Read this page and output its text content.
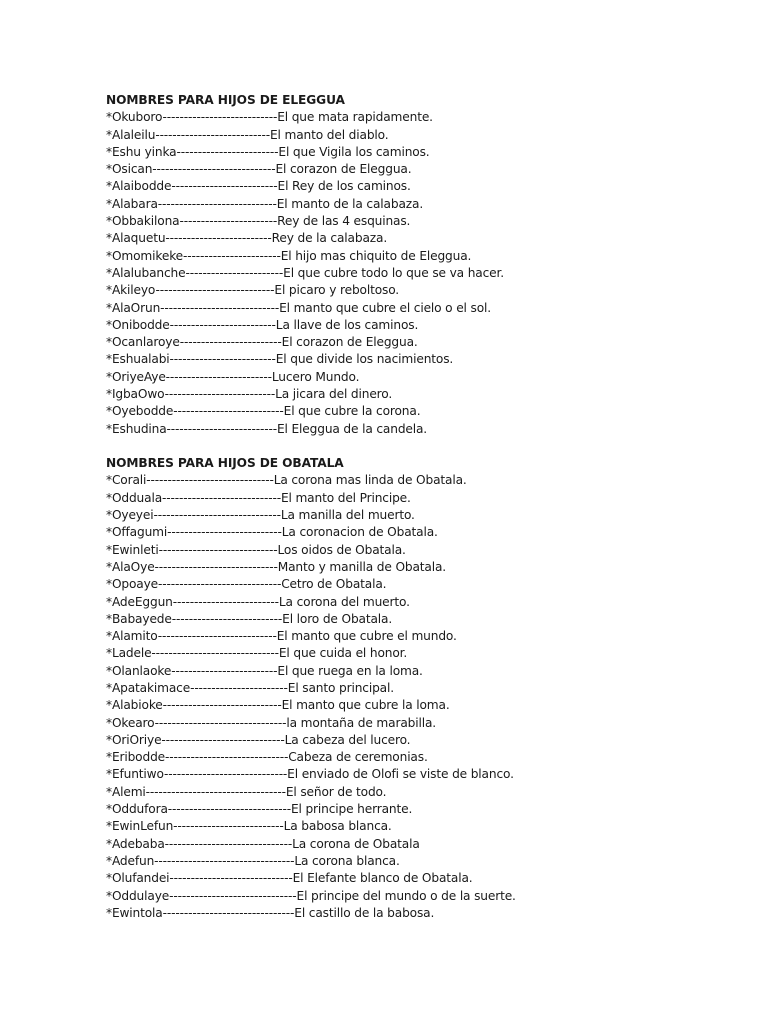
NOMBRES PARA HIJOS DE ELEGGUA
*Okuboro---------------------------El que mata rapidamente.
*Alaleilu---------------------------El manto del diablo.
*Eshu yinka------------------------El que Vigila los caminos.
*Osican-----------------------------El corazon de Eleggua.
*Alaibodde-------------------------El Rey de los caminos.
*Alabara----------------------------El manto de la calabaza.
*Obbakilona-----------------------Rey de las 4 esquinas.
*Alaquetu-------------------------Rey de la calabaza.
*Omomikeke-----------------------El hijo mas chiquito de Eleggua.
*Alalubanche-----------------------El que cubre todo lo que se va hacer.
*Akileyo----------------------------El picaro y reboltoso.
*AlaOrun----------------------------El manto que cubre el cielo o el sol.
*Onibodde-------------------------La llave de los caminos.
*Ocanlaroye------------------------El corazon de Eleggua.
*Eshualabi-------------------------El que divide los nacimientos.
*OriyeAye-------------------------Lucero Mundo.
*IgbaOwo--------------------------La jicara del dinero.
*Oyebodde--------------------------El que cubre la corona.
*Eshudina--------------------------El Eleggua de la candela.
NOMBRES PARA HIJOS DE OBATALA
*Corali------------------------------La corona mas linda de Obatala.
*Odduala----------------------------El manto del Principe.
*Oyeyei------------------------------La manilla del muerto.
*Offagumi---------------------------La coronacion de Obatala.
*Ewinleti----------------------------Los oidos de Obatala.
*AlaOye-----------------------------Manto y manilla de Obatala.
*Opoaye-----------------------------Cetro de Obatala.
*AdeEggun-------------------------La corona del muerto.
*Babayede--------------------------El loro de Obatala.
*Alamito----------------------------El manto que cubre el mundo.
*Ladele------------------------------El que cuida el honor.
*Olanlaoke-------------------------El que ruega en la loma.
*Apatakimace-----------------------El santo principal.
*Alabioke----------------------------El manto que cubre la loma.
*Okearo-------------------------------la montaña de marabilla.
*OriOriye-----------------------------La cabeza del lucero.
*Eribodde-----------------------------Cabeza de ceremonias.
*Efuntiwo-----------------------------El enviado de Olofi se viste de blanco.
*Alemi---------------------------------El señor de todo.
*Oddufora-----------------------------El principe herrante.
*EwinLefun--------------------------La babosa blanca.
*Adebaba------------------------------La corona de Obatala
*Adefun---------------------------------La corona blanca.
*Olufandei-----------------------------El Elefante blanco de Obatala.
*Oddulaye------------------------------El principe del mundo o de la suerte.
*Ewintola-------------------------------El castillo de la babosa.
